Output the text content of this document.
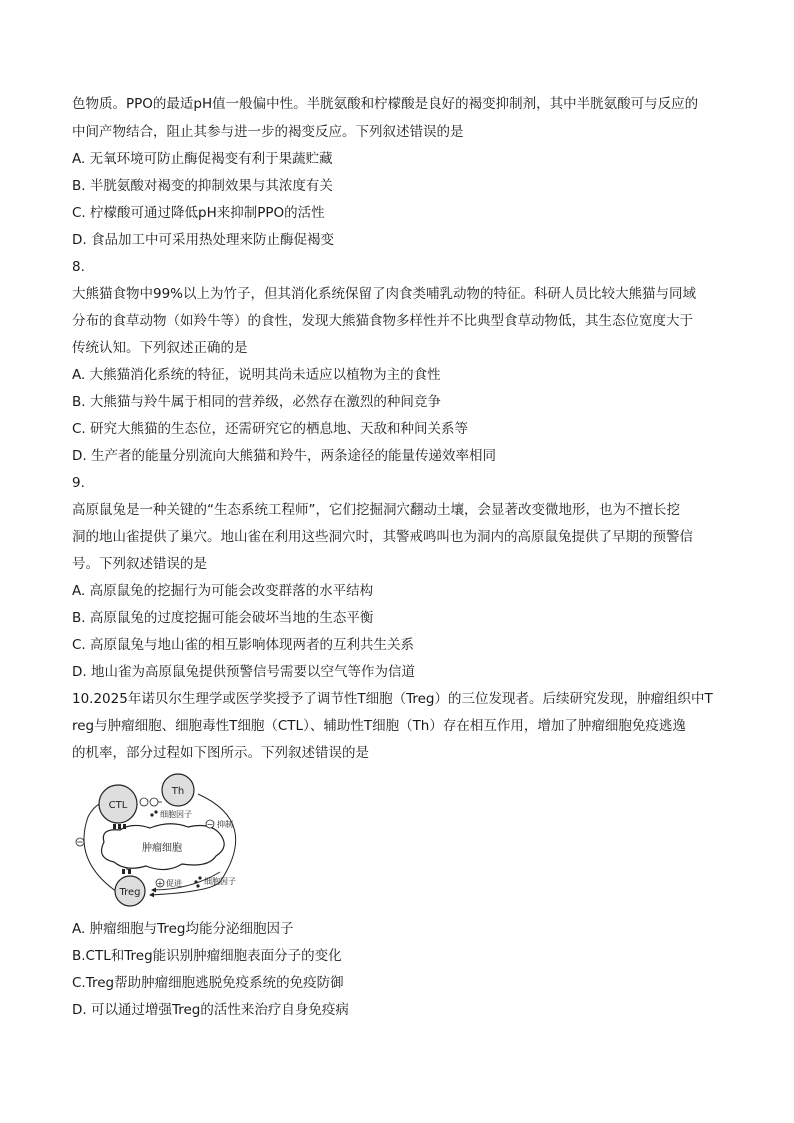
色物质。PPO的最适pH值一般偏中性。半胱氨酸和柠檬酸是良好的褐变抑制剂，其中半胱氨酸可与反应的
中间产物结合，阻止其参与进一步的褐变反应。下列叙述错误的是
A. 无氧环境可防止酶促褐变有利于果蔬贮藏
B. 半胱氨酸对褐变的抑制效果与其浓度有关
C. 柠檬酸可通过降低pH来抑制PPO的活性
D. 食品加工中可采用热处理来防止酶促褐变
8.
大熊猫食物中99%以上为竹子，但其消化系统保留了肉食类哺乳动物的特征。科研人员比较大熊猫与同域
分布的食草动物（如羚牛等）的食性，发现大熊猫食物多样性并不比典型食草动物低，其生态位宽度大于
传统认知。下列叙述正确的是
A. 大熊猫消化系统的特征，说明其尚未适应以植物为主的食性
B. 大熊猫与羚牛属于相同的营养级，必然存在激烈的种间竞争
C. 研究大熊猫的生态位，还需研究它的栖息地、天敌和种间关系等
D. 生产者的能量分别流向大熊猫和羚牛，两条途径的能量传递效率相同
9.
高原鼠兔是一种关键的“生态系统工程师”，它们挖掘洞穴翻动土壤，会显著改变微地形，也为不擅长挖
洞的地山雀提供了巢穴。地山雀在利用这些洞穴时，其警戒鸣叫也为洞内的高原鼠兔提供了早期的预警信
号。下列叙述错误的是
A. 高原鼠兔的挖掘行为可能会改变群落的水平结构
B. 高原鼠兔的过度挖掘可能会破坏当地的生态平衡
C. 高原鼠兔与地山雀的相互影响体现两者的互利共生关系
D. 地山雀为高原鼠兔提供预警信号需要以空气等作为信道
10.2025年诺贝尔生理学或医学奖授予了调节性T细胞（Treg）的三位发现者。后续研究发现，肿瘤组织中T
reg与肿瘤细胞、细胞毒性T细胞（CTL）、辅助性T细胞（Th）存在相互作用，增加了肿瘤细胞免疫逃逸
的机率，部分过程如下图所示。下列叙述错误的是
肿瘤细胞
CTL
Th
细胞因子
− 抑制
Treg
+ 促进	细胞因子
A. 肿瘤细胞与Treg均能分泌细胞因子
B.CTL和Treg能识别肿瘤细胞表面分子的变化
C.Treg帮助肿瘤细胞逃脱免疫系统的免疫防御
D. 可以通过增强Treg的活性来治疗自身免疫病
